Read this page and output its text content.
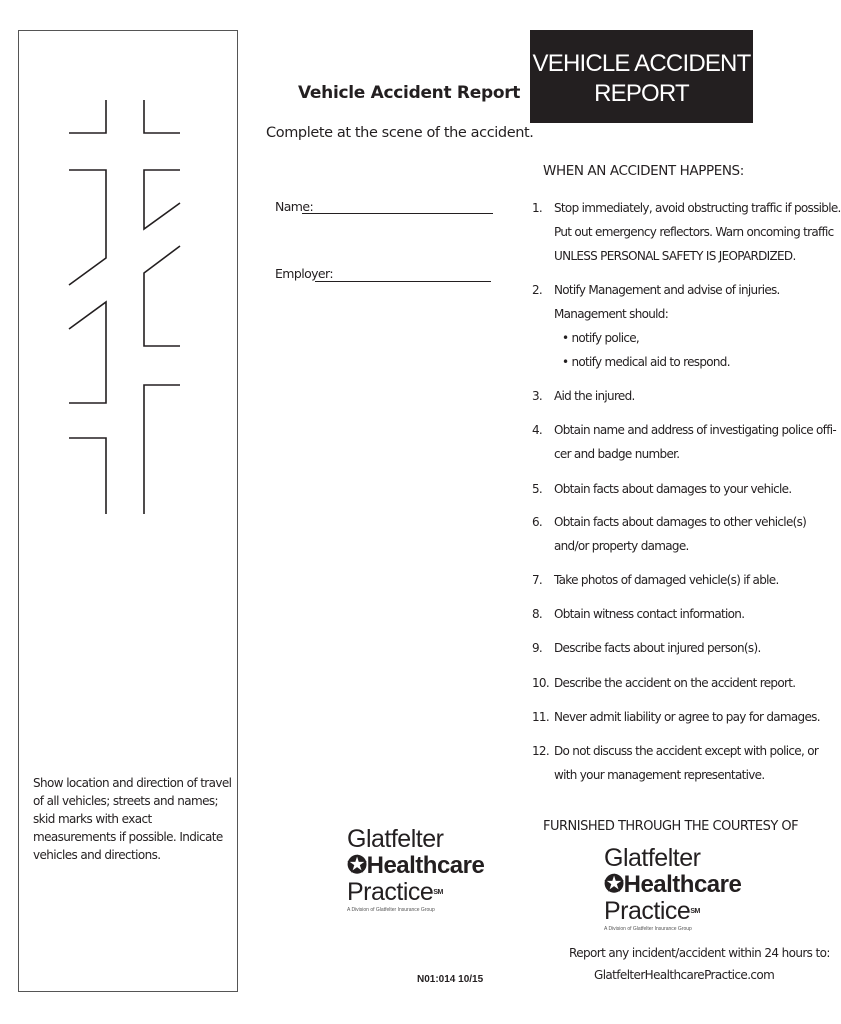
Show location and direction of travel of all vehicles; streets and names; skid marks with exact measurements if possible. Indicate vehicles and directions.
Vehicle Accident Report
Complete at the scene of the accident.
Name:
Employer:
VEHICLE ACCIDENT
REPORT
WHEN AN ACCIDENT HAPPENS:
1. Stop immediately, avoid obstructing traffic if possible.
Put out emergency reflectors. Warn oncoming traffic
UNLESS PERSONAL SAFETY IS JEOPARDIZED.
2. Notify Management and advise of injuries.
Management should:
• notify police,
• notify medical aid to respond.
3. Aid the injured.
4. Obtain name and address of investigating police offi-
cer and badge number.
5. Obtain facts about damages to your vehicle.
6. Obtain facts about damages to other vehicle(s)
and/or property damage.
7. Take photos of damaged vehicle(s) if able.
8. Obtain witness contact information.
9. Describe facts about injured person(s).
10. Describe the accident on the accident report.
11. Never admit liability or agree to pay for damages.
12. Do not discuss the accident except with police, or
with your management representative.
Glatfelter
✪Healthcare
Practice℠
A Division of Glatfelter Insurance Group
FURNISHED THROUGH THE COURTESY OF
Glatfelter
✪Healthcare
Practice℠
A Division of Glatfelter Insurance Group
Report any incident/accident within 24 hours to:
GlatfelterHealthcarePractice.com
N01:014 10/15
